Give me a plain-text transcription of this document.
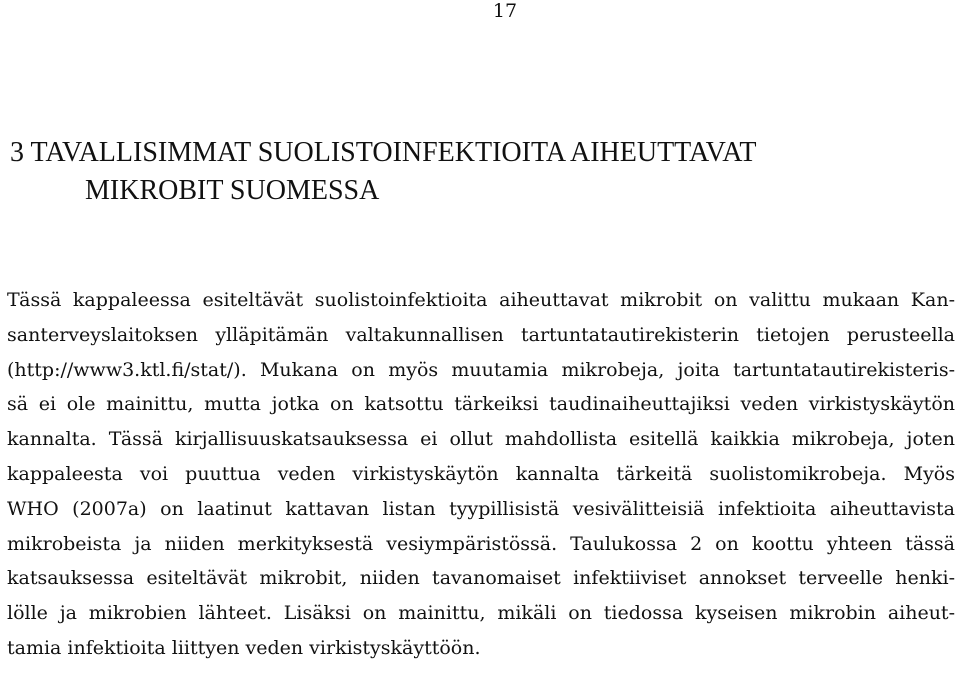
17
3 TAVALLISIMMAT SUOLISTOINFEKTIOITA AIHEUTTAVAT
MIKROBIT SUOMESSA
Tässä kappaleessa esiteltävät suolistoinfektioita aiheuttavat mikrobit on valittu mukaan Kan-
santerveyslaitoksen ylläpitämän valtakunnallisen tartuntatautirekisterin tietojen perusteella
(http://www3.ktl.fi/stat/). Mukana on myös muutamia mikrobeja, joita tartuntatautirekisteris-
sä ei ole mainittu, mutta jotka on katsottu tärkeiksi taudinaiheuttajiksi veden virkistyskäytön
kannalta. Tässä kirjallisuuskatsauksessa ei ollut mahdollista esitellä kaikkia mikrobeja, joten
kappaleesta voi puuttua veden virkistyskäytön kannalta tärkeitä suolistomikrobeja. Myös
WHO (2007a) on laatinut kattavan listan tyypillisistä vesivälitteisiä infektioita aiheuttavista
mikrobeista ja niiden merkityksestä vesiympäristössä. Taulukossa 2 on koottu yhteen tässä
katsauksessa esiteltävät mikrobit, niiden tavanomaiset infektiiviset annokset terveelle henki-
lölle ja mikrobien lähteet. Lisäksi on mainittu, mikäli on tiedossa kyseisen mikrobin aiheut-
tamia infektioita liittyen veden virkistyskäyttöön.
